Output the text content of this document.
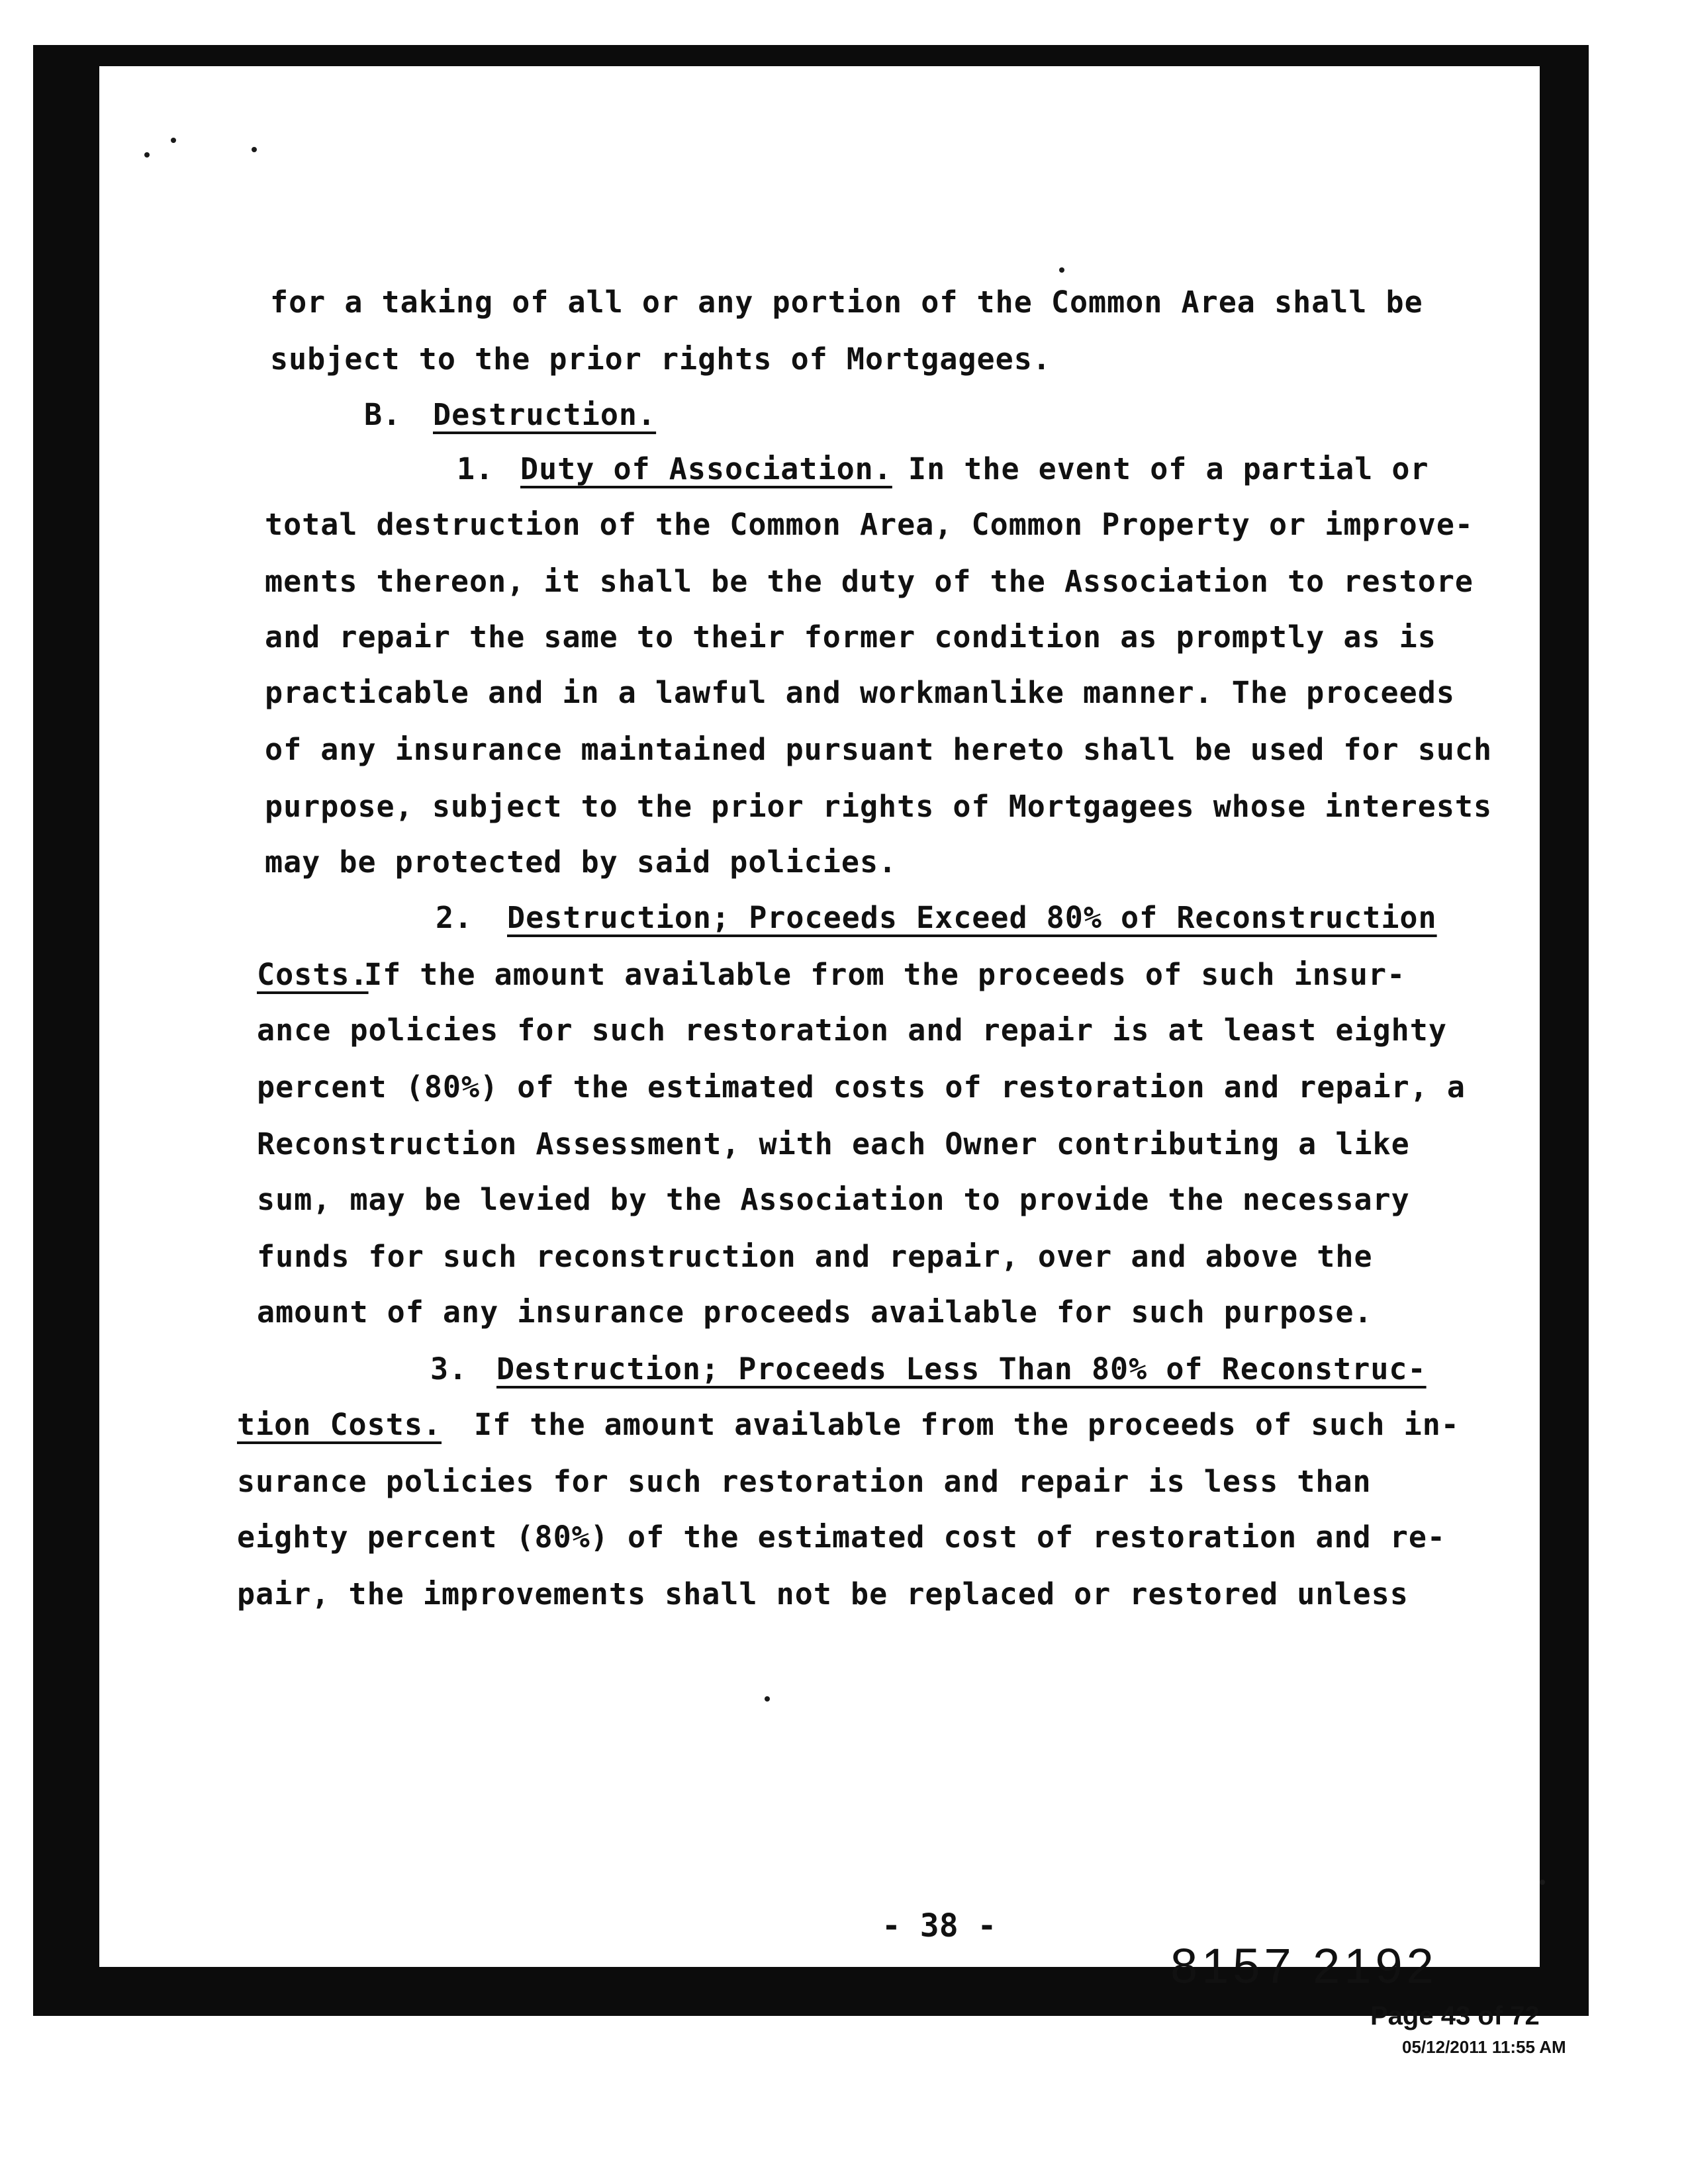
for a taking of all or any portion of the Common Area shall be

subject to the prior rights of Mortgagees.

B. Destruction.

1. Duty of Association. In the event of a partial or

total destruction of the Common Area, Common Property or improve-

ments thereon, it shall be the duty of the Association to restore

and repair the same to their former condition as promptly as is

practicable and in a lawful and workmanlike manner. The proceeds

of any insurance maintained pursuant hereto shall be used for such

purpose, subject to the prior rights of Mortgagees whose interests

may be protected by said policies.

2. Destruction; Proceeds Exceed 80% of Reconstruction

Costs.

If the amount available from the proceeds of such insur-

ance policies for such restoration and repair is at least eighty

percent (80%) of the estimated costs of restoration and repair, a

Reconstruction Assessment, with each Owner contributing a like

sum, may be levied by the Association to provide the necessary

funds for such reconstruction and repair, over and above the

amount of any insurance proceeds available for such purpose.

3. Destruction; Proceeds Less Than 80% of Reconstruc-

tion Costs. If the amount available from the proceeds of such in-

surance policies for such restoration and repair is less than

eighty percent (80%) of the estimated cost of restoration and re-

pair, the improvements shall not be replaced or restored unless

- 38 -
8157 2192
Page 43 of 72
05/12/2011 11:55 AM
